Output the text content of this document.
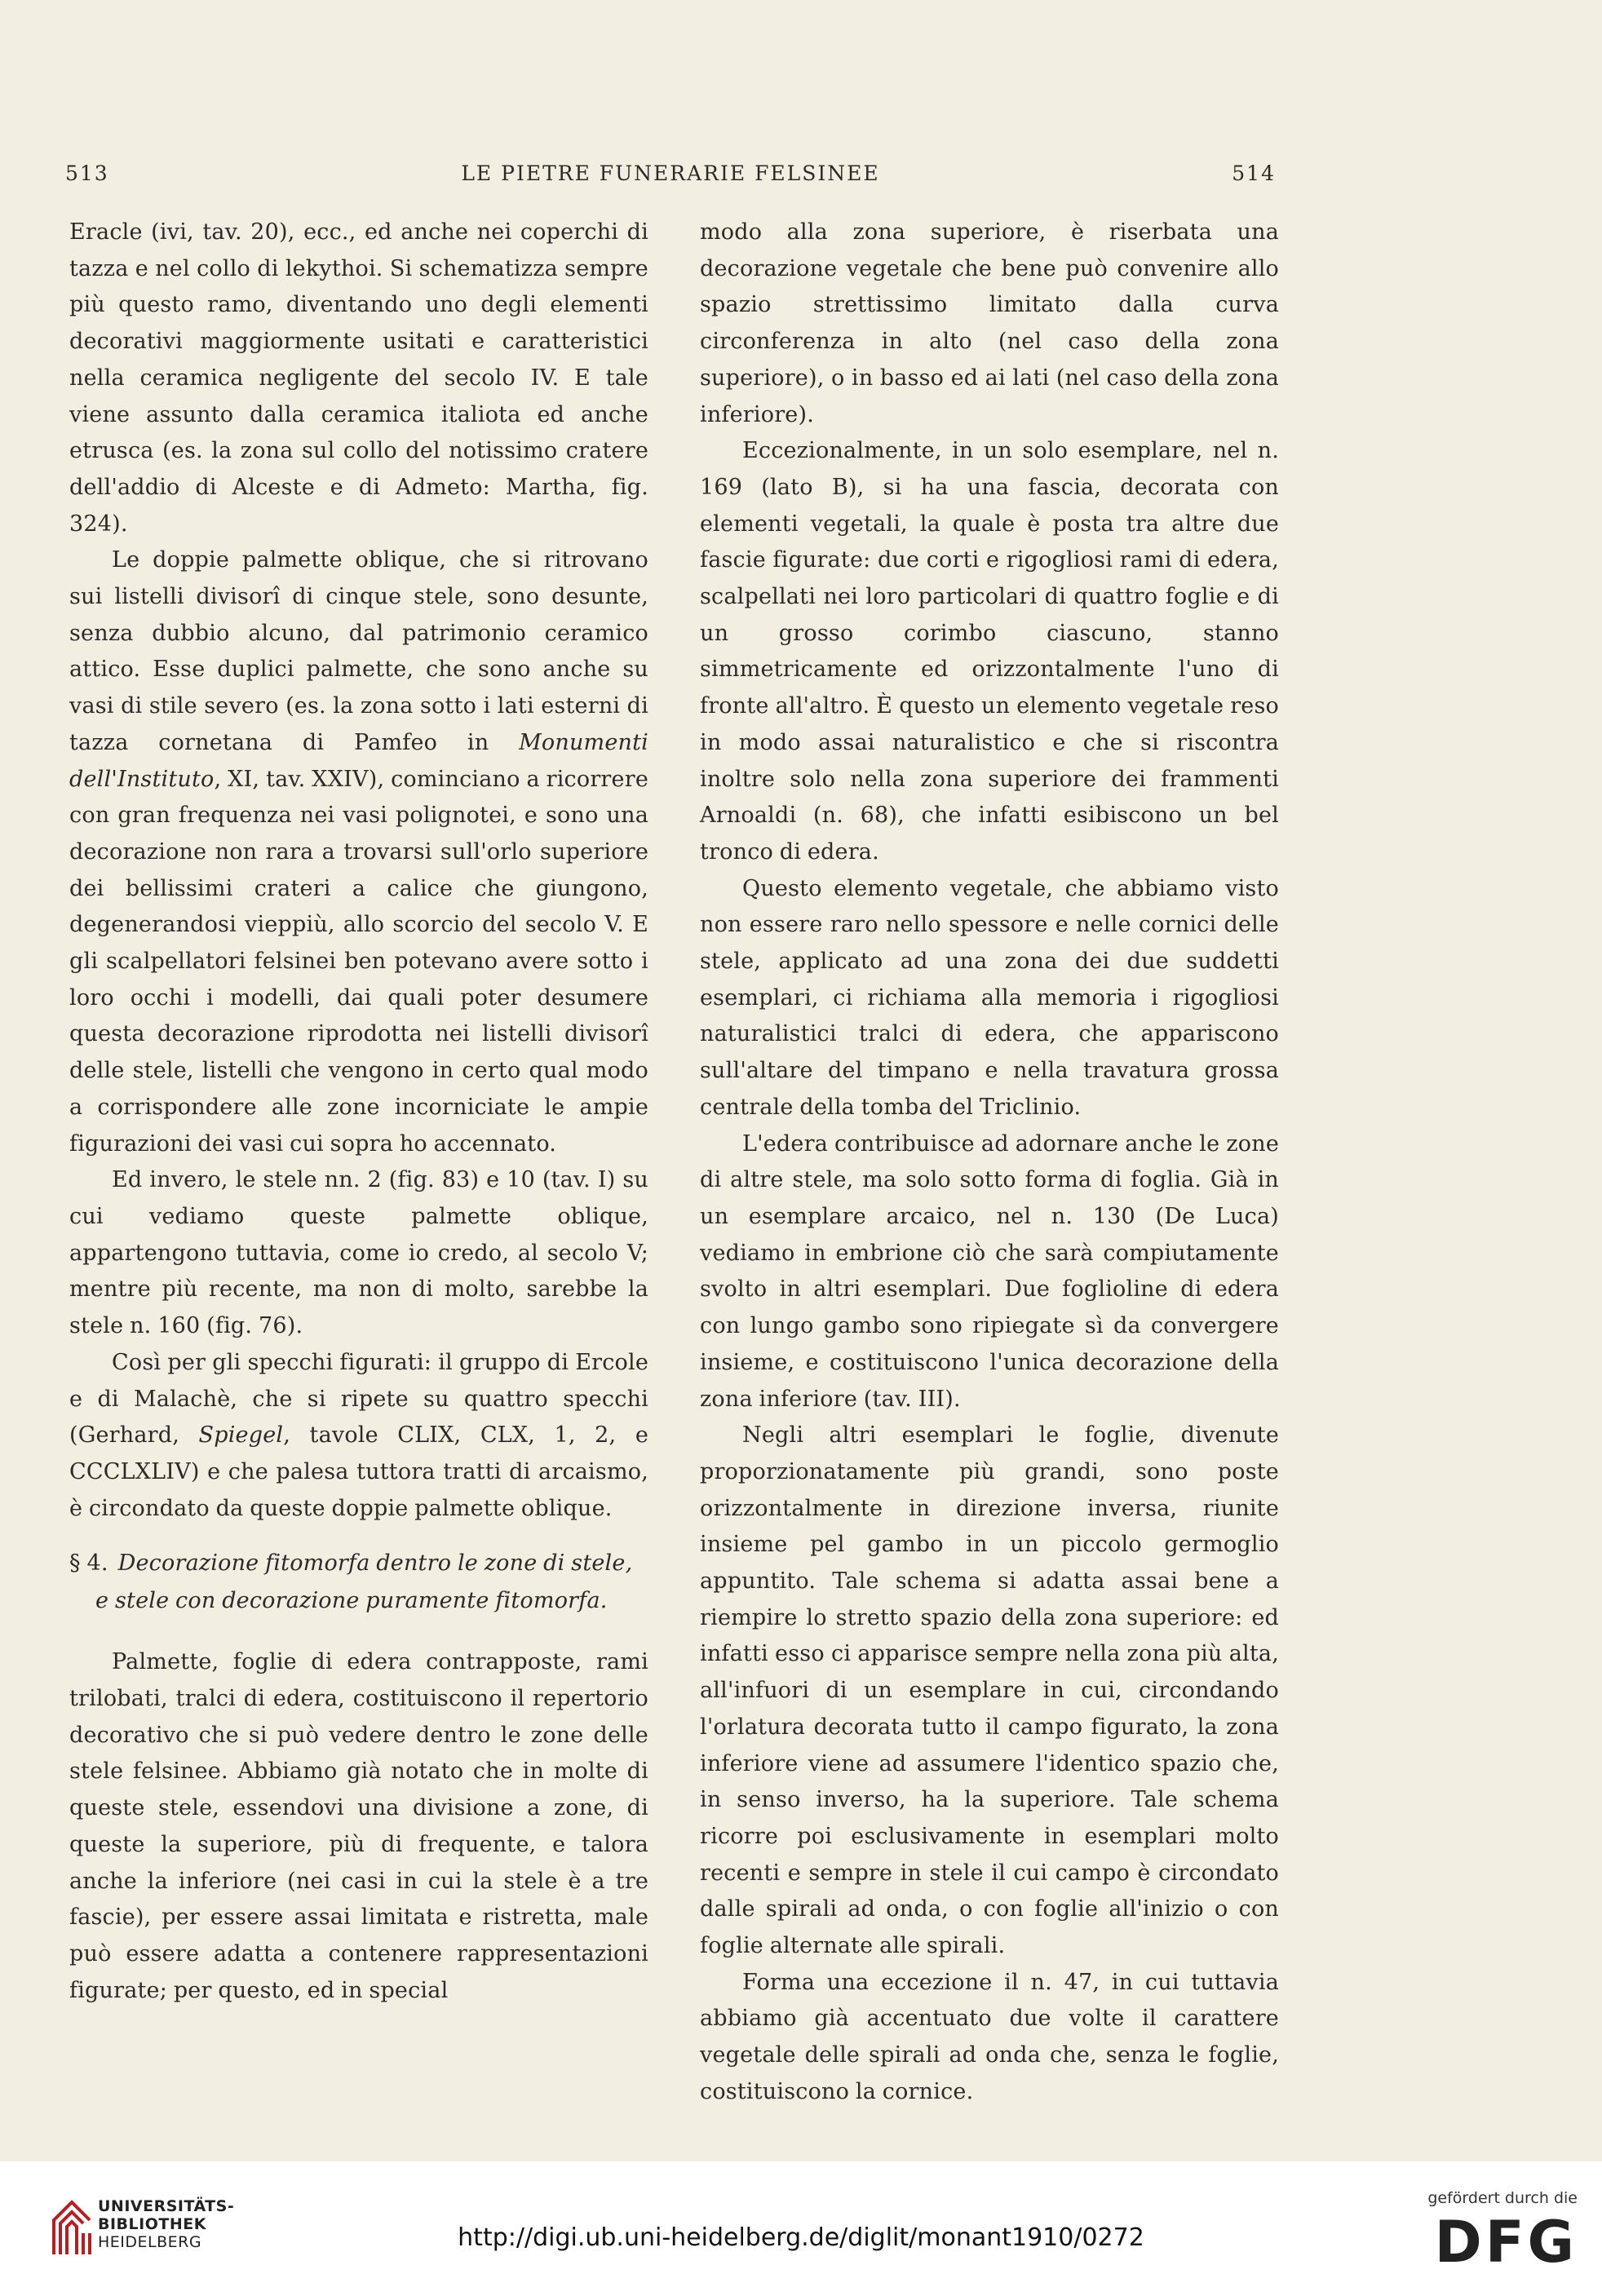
513	LE PIETRE FUNERARIE FELSINEE	514

Eracle (ivi, tav. 20), ecc., ed anche nei coperchi di tazza e nel collo di lekythoi. Si schematizza sempre più questo ramo, diventando uno degli elementi decorativi maggiormente usitati e caratteristici nella ceramica negligente del secolo IV. E tale viene assunto dalla ceramica italiota ed anche etrusca (es. la zona sul collo del notissimo cratere dell'addio di Alceste e di Admeto: Martha, fig. 324).

Le doppie palmette oblique, che si ritrovano sui listelli divisorî di cinque stele, sono desunte, senza dubbio alcuno, dal patrimonio ceramico attico. Esse duplici palmette, che sono anche su vasi di stile severo (es. la zona sotto i lati esterni di tazza cornetana di Pamfeo in Monumenti dell'Instituto, XI, tav. XXIV), cominciano a ricorrere con gran frequenza nei vasi polignotei, e sono una decorazione non rara a trovarsi sull'orlo superiore dei bellissimi crateri a calice che giungono, degenerandosi vieppiù, allo scorcio del secolo V. E gli scalpellatori felsinei ben potevano avere sotto i loro occhi i modelli, dai quali poter desumere questa decorazione riprodotta nei listelli divisorî delle stele, listelli che vengono in certo qual modo a corrispondere alle zone incorniciate le ampie figurazioni dei vasi cui sopra ho accennato.

Ed invero, le stele nn. 2 (fig. 83) e 10 (tav. I) su cui vediamo queste palmette oblique, appartengono tuttavia, come io credo, al secolo V; mentre più recente, ma non di molto, sarebbe la stele n. 160 (fig. 76).

Così per gli specchi figurati: il gruppo di Ercole e di Malachè, che si ripete su quattro specchi (Gerhard, Spiegel, tavole CLIX, CLX, 1, 2, e CCCLXLIV) e che palesa tuttora tratti di arcaismo, è circondato da queste doppie palmette oblique.

§ 4. Decorazione fitomorfa dentro le zone di stele,
e stele con decorazione puramente fitomorfa.

Palmette, foglie di edera contrapposte, rami trilobati, tralci di edera, costituiscono il repertorio decorativo che si può vedere dentro le zone delle stele felsinee. Abbiamo già notato che in molte di queste stele, essendovi una divisione a zone, di queste la superiore, più di frequente, e talora anche la inferiore (nei casi in cui la stele è a tre fascie), per essere assai limitata e ristretta, male può essere adatta a contenere rappresentazioni figurate; per questo, ed in special

modo alla zona superiore, è riserbata una decorazione vegetale che bene può convenire allo spazio strettissimo limitato dalla curva circonferenza in alto (nel caso della zona superiore), o in basso ed ai lati (nel caso della zona inferiore).

Eccezionalmente, in un solo esemplare, nel n. 169 (lato B), si ha una fascia, decorata con elementi vegetali, la quale è posta tra altre due fascie figurate: due corti e rigogliosi rami di edera, scalpellati nei loro particolari di quattro foglie e di un grosso corimbo ciascuno, stanno simmetricamente ed orizzontalmente l'uno di fronte all'altro. È questo un elemento vegetale reso in modo assai naturalistico e che si riscontra inoltre solo nella zona superiore dei frammenti Arnoaldi (n. 68), che infatti esibiscono un bel tronco di edera.

Questo elemento vegetale, che abbiamo visto non essere raro nello spessore e nelle cornici delle stele, applicato ad una zona dei due suddetti esemplari, ci richiama alla memoria i rigogliosi naturalistici tralci di edera, che appariscono sull'altare del timpano e nella travatura grossa centrale della tomba del Triclinio.

L'edera contribuisce ad adornare anche le zone di altre stele, ma solo sotto forma di foglia. Già in un esemplare arcaico, nel n. 130 (De Luca) vediamo in embrione ciò che sarà compiutamente svolto in altri esemplari. Due foglioline di edera con lungo gambo sono ripiegate sì da convergere insieme, e costituiscono l'unica decorazione della zona inferiore (tav. III).

Negli altri esemplari le foglie, divenute proporzionatamente più grandi, sono poste orizzontalmente in direzione inversa, riunite insieme pel gambo in un piccolo germoglio appuntito. Tale schema si adatta assai bene a riempire lo stretto spazio della zona superiore: ed infatti esso ci apparisce sempre nella zona più alta, all'infuori di un esemplare in cui, circondando l'orlatura decorata tutto il campo figurato, la zona inferiore viene ad assumere l'identico spazio che, in senso inverso, ha la superiore. Tale schema ricorre poi esclusivamente in esemplari molto recenti e sempre in stele il cui campo è circondato dalle spirali ad onda, o con foglie all'inizio o con foglie alternate alle spirali.

Forma una eccezione il n. 47, in cui tuttavia abbiamo già accentuato due volte il carattere vegetale delle spirali ad onda che, senza le foglie, costituiscono la cornice.

UNIVERSITÄTS-
BIBLIOTHEK
HEIDELBERG	http://digi.ub.uni-heidelberg.de/diglit/monant1910/0272
gefördert durch die
DFG
